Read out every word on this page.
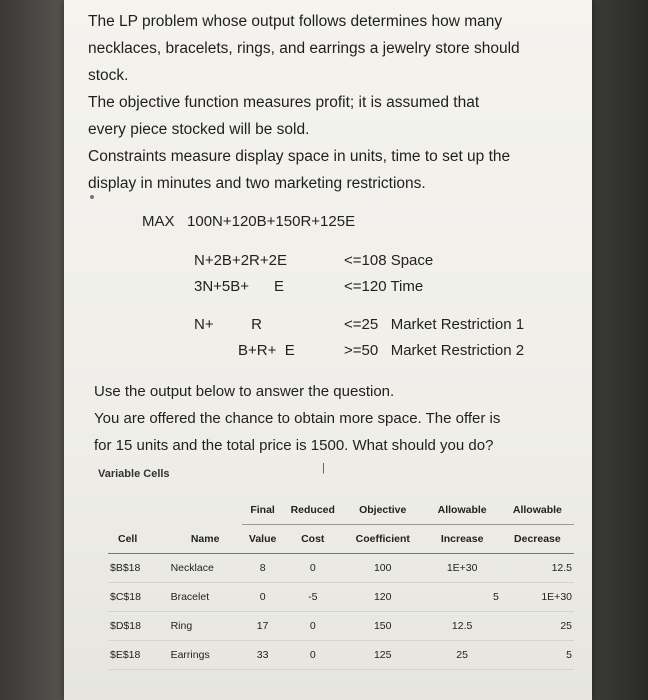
The LP problem whose output follows determines how many

necklaces, bracelets, rings, and earrings a jewelry store should

stock.

The objective function measures profit; it is assumed that

every piece stocked will be sold.

Constraints measure display space in units, time to set up the

display in minutes and two marketing restrictions.

MAX   100N+120B+150R+125E
N+2B+2R+2E	<=108 Space
3N+5B+      E	<=120 Time
N+         R	<=25   Market Restriction 1
B+R+  E	>=50   Market Restriction 2

Use the output below to answer the question.

You are offered the chance to obtain more space. The offer is

for 15 units and the total price is 1500. What should you do?

Variable Cells	|
		Final	Reduced	Objective	Allowable	Allowable
Cell	Name	Value	Cost	Coefficient	Increase	Decrease
$B$18	Necklace	8	0	100	1E+30	12.5
$C$18	Bracelet	0	-5	120	5	1E+30
$D$18	Ring	17	0	150	12.5	25
$E$18	Earrings	33	0	125	25	5
